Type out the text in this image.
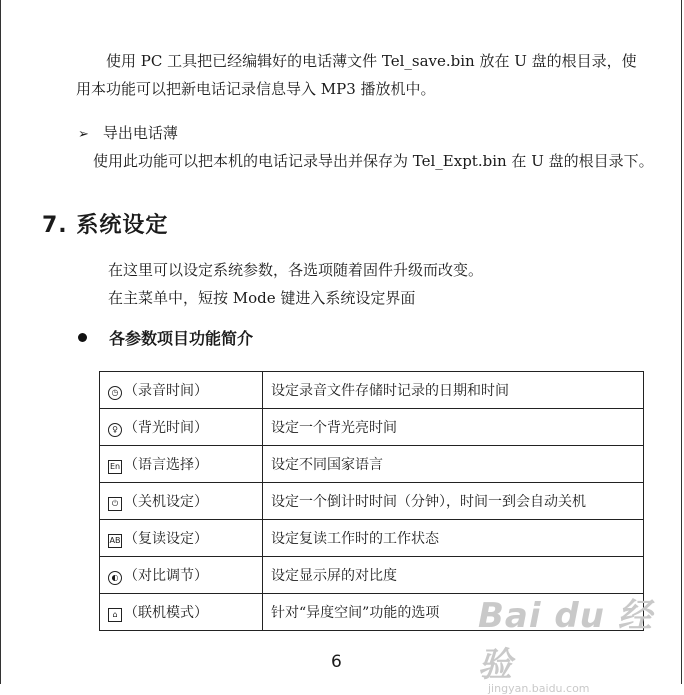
使用 PC 工具把已经编辑好的电话薄文件 Tel_save.bin 放在 U 盘的根目录，使
用本功能可以把新电话记录信息导入 MP3 播放机中。
➢ 导出电话薄
使用此功能可以把本机的电话记录导出并保存为 Tel_Expt.bin 在 U 盘的根目录下。
7. 系统设定
在这里可以设定系统参数，各选项随着固件升级而改变。
在主菜单中，短按 Mode 键进入系统设定界面
各参数项目功能简介
◷ （录音时间）	设定录音文件存储时记录的日期和时间
♀ （背光时间）	设定一个背光亮时间
En （语言选择）	设定不同国家语言
⏻ （关机设定）	设定一个倒计时时间（分钟），时间一到会自动关机
AB （复读设定）	设定复读工作时的工作状态
◐ （对比调节）	设定显示屏的对比度
⌂ （联机模式）	针对“异度空间”功能的选项
6
Bai du 经验
jingyan.baidu.com
